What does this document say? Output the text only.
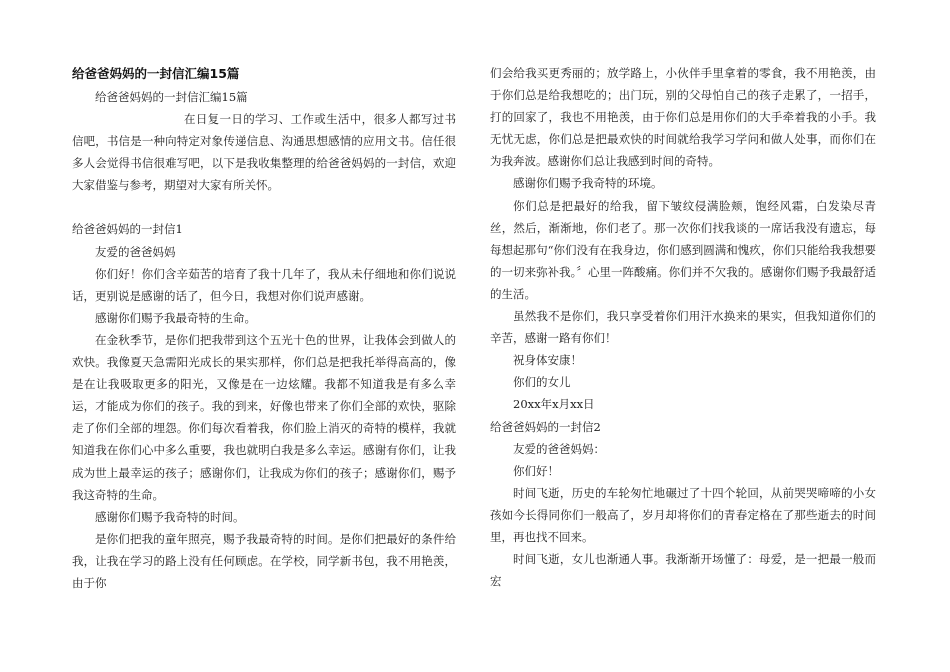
给爸爸妈妈的一封信汇编15篇

给爸爸妈妈的一封信汇编15篇

在日复一日的学习、工作或生活中，很多人都写过书信吧，书信是一种向特定对象传递信息、沟通思想感情的应用文书。信任很多人会觉得书信很难写吧，以下是我收集整理的给爸爸妈妈的一封信，欢迎大家借鉴与参考，期望对大家有所关怀。

给爸爸妈妈的一封信1

友爱的爸爸妈妈

你们好！你们含辛茹苦的培育了我十几年了，我从未仔细地和你们说说话，更别说是感谢的话了，但今日，我想对你们说声感谢。

感谢你们赐予我最奇特的生命。

在金秋季节，是你们把我带到这个五光十色的世界，让我体会到做人的欢快。我像夏天急需阳光成长的果实那样，你们总是把我托举得高高的，像是在让我吸取更多的阳光，又像是在一边炫耀。我都不知道我是有多么幸运，才能成为你们的孩子。我的到来，好像也带来了你们全部的欢快，驱除走了你们全部的埋怨。你们每次看着我，你们脸上消灭的奇特的模样，我就知道我在你们心中多么重要，我也就明白我是多么幸运。感谢有你们，让我成为世上最幸运的孩子；感谢你们，让我成为你们的孩子；感谢你们，赐予我这奇特的生命。

感谢你们赐予我奇特的时间。

是你们把我的童年照亮，赐予我最奇特的时间。是你们把最好的条件给我，让我在学习的路上没有任何顾虑。在学校，同学新书包，我不用艳羡，由于你

们会给我买更秀丽的；放学路上，小伙伴手里拿着的零食，我不用艳羡，由于你们总是给我想吃的；出门玩，别的父母怕自己的孩子走累了，一招手，打的回家了，我也不用艳羡，由于你们总是用你们的大手牵着我的小手。我无忧无虑，你们总是把最欢快的时间就给我学习学问和做人处事，而你们在为我奔波。感谢你们总让我感到时间的奇特。

感谢你们赐予我奇特的环境。

你们总是把最好的给我，留下皱纹侵满脸颊，饱经风霜，白发染尽青丝，然后，渐渐地，你们老了。那一次你们找我谈的一席话我没有遗忘，每每想起那句“你们没有在我身边，你们感到圆满和愧疚，你们只能给我我想要的一切来弥补我。〞心里一阵酸痛。你们并不欠我的。感谢你们赐予我最舒适的生活。

虽然我不是你们，我只享受着你们用汗水换来的果实，但我知道你们的辛苦，感谢一路有你们！

祝身体安康！

你们的女儿

20xx年x月xx日

给爸爸妈妈的一封信2

友爱的爸爸妈妈：

你们好！

时间飞逝，历史的车轮匆忙地碾过了十四个轮回，从前哭哭啼啼的小女孩如今长得同你们一般高了，岁月却将你们的青春定格在了那些逝去的时间里，再也找不回来。

时间飞逝，女儿也渐通人事。我渐渐开场懂了：母爱，是一把最一般而宏
